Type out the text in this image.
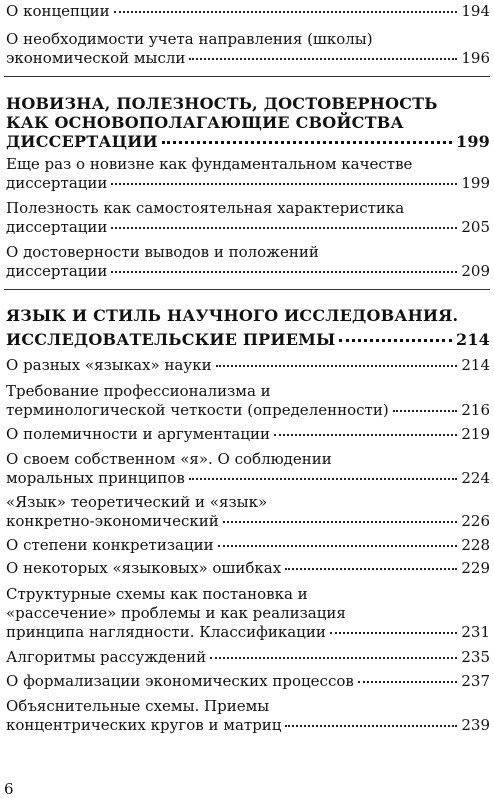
О концепции	194
О необходимости учета направления (школы)
экономической мысли	196
НОВИЗНА, ПОЛЕЗНОСТЬ, ДОСТОВЕРНОСТЬ
КАК ОСНОВОПОЛАГАЮЩИЕ СВОЙСТВА
ДИССЕРТАЦИИ	199
Еще раз о новизне как фундаментальном качестве
диссертации	199
Полезность как самостоятельная характеристика
диссертации	205
О достоверности выводов и положений
диссертации	209
ЯЗЫК И СТИЛЬ НАУЧНОГО ИССЛЕДОВАНИЯ.
ИССЛЕДОВАТЕЛЬСКИЕ ПРИЕМЫ	214
О разных «языках» науки	214
Требование профессионализма и
терминологической четкости (определенности)	216
О полемичности и аргументации	219
О своем собственном «я». О соблюдении
моральных принципов	224
«Язык» теоретический и «язык»
конкретно-экономический	226
О степени конкретизации	228
О некоторых «языковых» ошибках	229
Структурные схемы как постановка и
«рассечение» проблемы и как реализация
принципа наглядности. Классификации	231
Алгоритмы рассуждений	235
О формализации экономических процессов	237
Объяснительные схемы. Приемы
концентрических кругов и матриц	239
6
